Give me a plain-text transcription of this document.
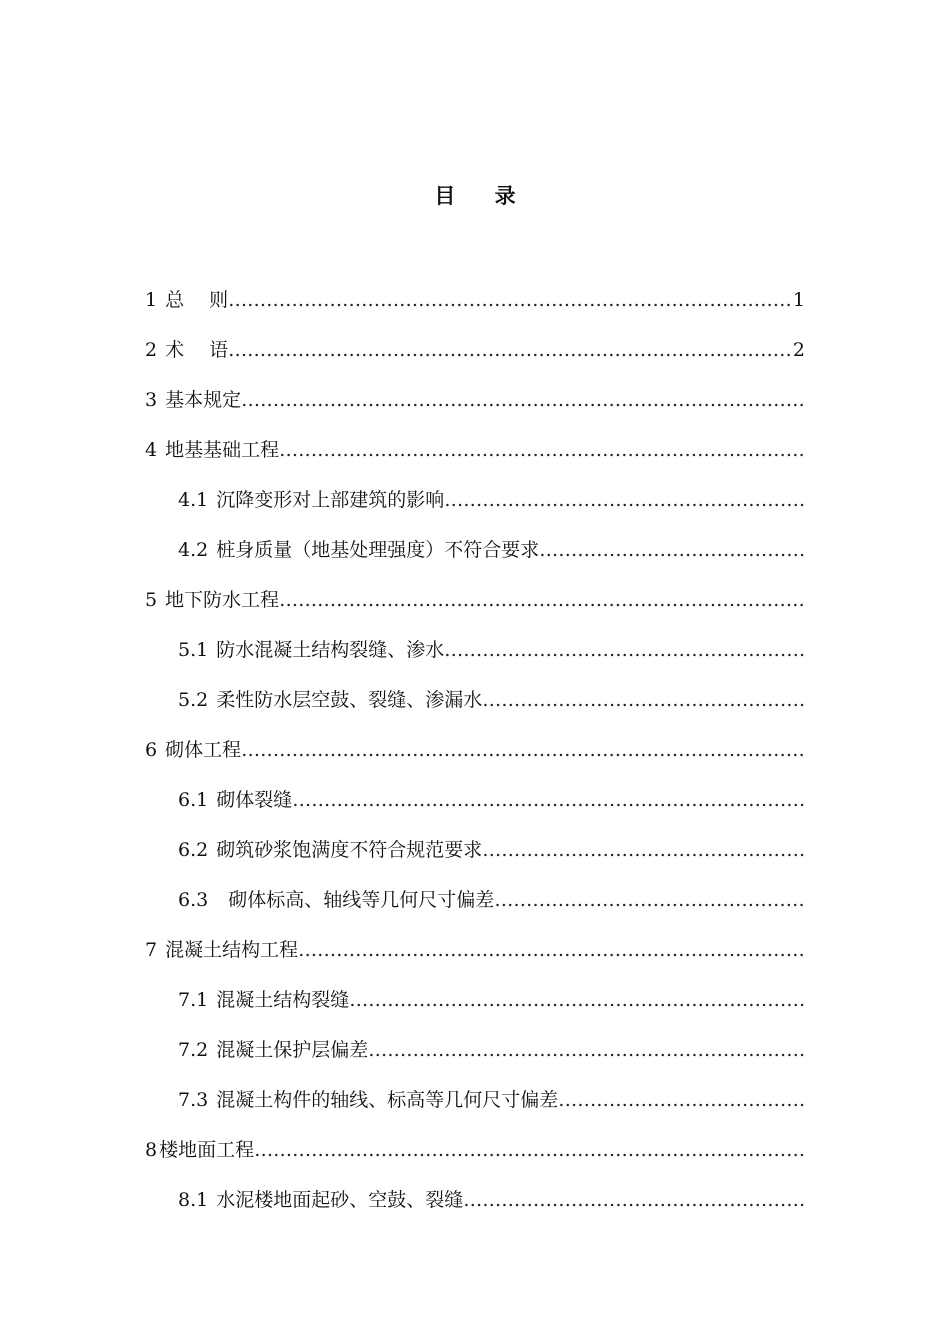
目 录
1 总　 则 …………………………………………………………………………………………………………………………………………………………	1
2 术　 语 …………………………………………………………………………………………………………………………………………………………	2
3 基本规定
…………………………………………………………………………………………………………………………………………………………
4 地基基础工程
…………………………………………………………………………………………………………………………………………………………
4.1 沉降变形对上部建筑的影响
…………………………………………………………………………………………………………………………………………………………
4.2 桩身质量（地基处理强度）不符合要求
…………………………………………………………………………………………………………………………………………………………
5 地下防水工程
…………………………………………………………………………………………………………………………………………………………
5.1 防水混凝土结构裂缝、渗水
…………………………………………………………………………………………………………………………………………………………
5.2 柔性防水层空鼓、裂缝、渗漏水
…………………………………………………………………………………………………………………………………………………………
6 砌体工程
…………………………………………………………………………………………………………………………………………………………
6.1 砌体裂缝
…………………………………………………………………………………………………………………………………………………………
6.2 砌筑砂浆饱满度不符合规范要求
…………………………………………………………………………………………………………………………………………………………
6.3 砌体标高、轴线等几何尺寸偏差
…………………………………………………………………………………………………………………………………………………………
7 混凝土结构工程
…………………………………………………………………………………………………………………………………………………………
7.1 混凝土结构裂缝
…………………………………………………………………………………………………………………………………………………………
7.2 混凝土保护层偏差
…………………………………………………………………………………………………………………………………………………………
7.3 混凝土构件的轴线、标高等几何尺寸偏差
…………………………………………………………………………………………………………………………………………………………
8 楼地面工程
…………………………………………………………………………………………………………………………………………………………
8.1 水泥楼地面起砂、空鼓、裂缝
…………………………………………………………………………………………………………………………………………………………
